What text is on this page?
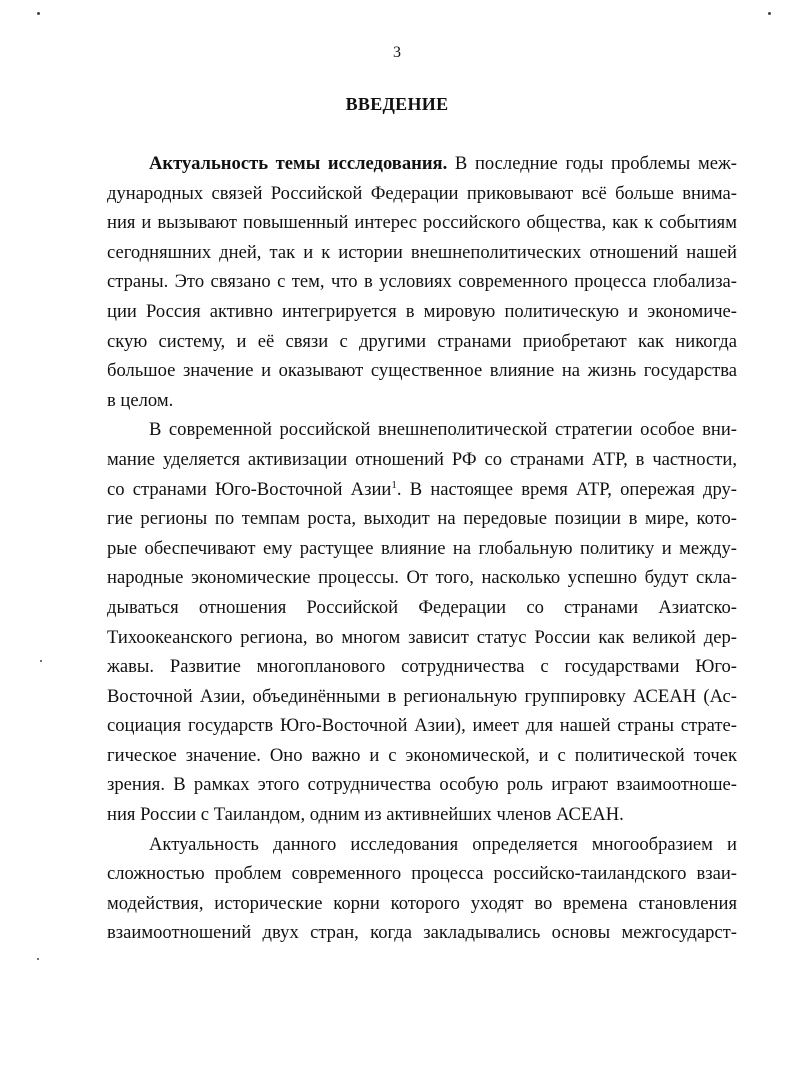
3
ВВЕДЕНИЕ
Актуальность темы исследования. В последние годы проблемы меж-
дународных связей Российской Федерации приковывают всё больше внима-
ния и вызывают повышенный интерес российского общества, как к событиям
сегодняшних дней, так и к истории внешнеполитических отношений нашей
страны. Это связано с тем, что в условиях современного процесса глобализа-
ции Россия активно интегрируется в мировую политическую и экономиче-
скую систему, и её связи с другими странами приобретают как никогда
большое значение и оказывают существенное влияние на жизнь государства
в целом.
В современной российской внешнеполитической стратегии особое вни-
мание уделяется активизации отношений РФ со странами АТР, в частности,
со странами Юго-Восточной Азии$^1$. В настоящее время АТР, опережая дру-
гие регионы по темпам роста, выходит на передовые позиции в мире, кото-
рые обеспечивают ему растущее влияние на глобальную политику и между-
народные экономические процессы. От того, насколько успешно будут скла-
дываться отношения Российской Федерации со странами Азиатско-
Тихоокеанского региона, во многом зависит статус России как великой дер-
жавы. Развитие многопланового сотрудничества с государствами Юго-
Восточной Азии, объединёнными в региональную группировку АСЕАН (Ас-
социация государств Юго-Восточной Азии), имеет для нашей страны страте-
гическое значение. Оно важно и с экономической, и с политической точек
зрения. В рамках этого сотрудничества особую роль играют взаимоотноше-
ния России с Таиландом, одним из активнейших членов АСЕАН.
Актуальность данного исследования определяется многообразием и
сложностью проблем современного процесса российско-таиландского взаи-
модействия, исторические корни которого уходят во времена становления
взаимоотношений двух стран, когда закладывались основы межгосударст-
